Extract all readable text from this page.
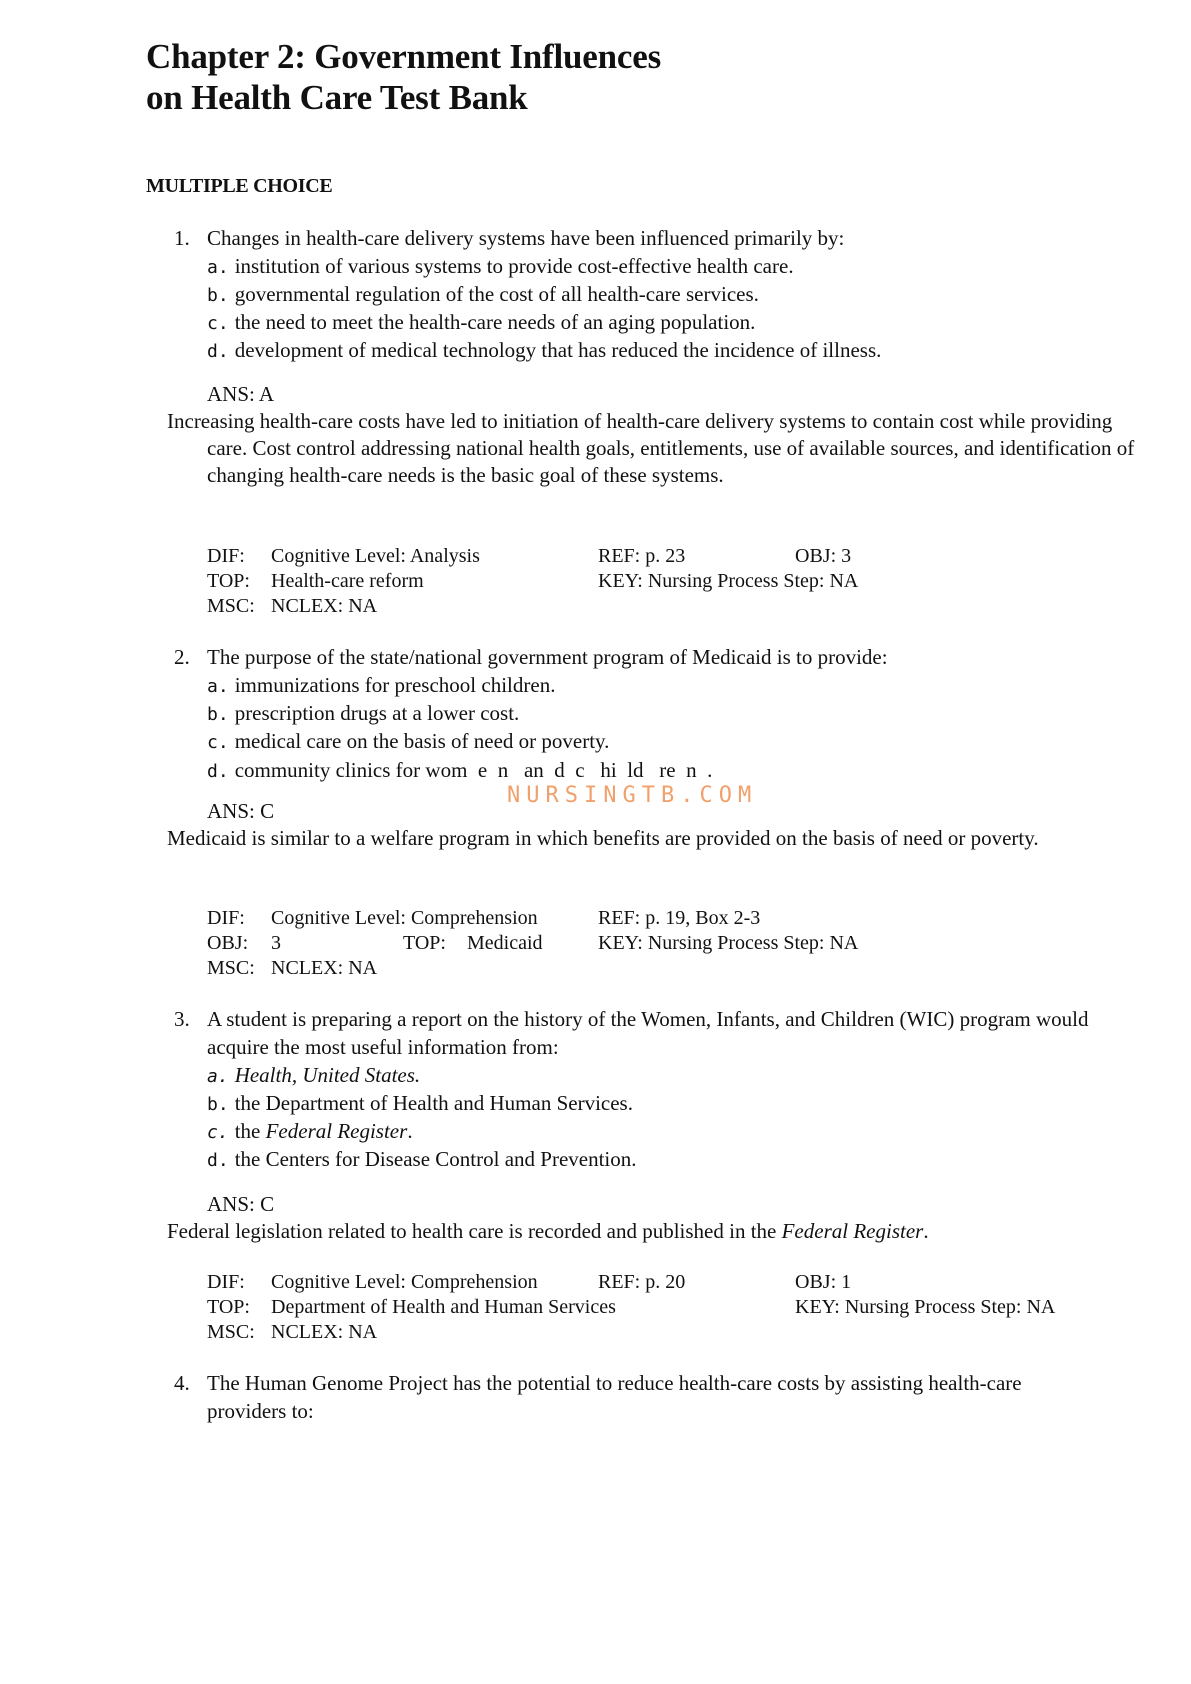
Chapter 2: Government Influences
on Health Care Test Bank
MULTIPLE CHOICE
1. Changes in health-care delivery systems have been influenced primarily by:
a. institution of various systems to provide cost-effective health care.
b. governmental regulation of the cost of all health-care services.
c. the need to meet the health-care needs of an aging population.
d. development of medical technology that has reduced the incidence of illness.
ANS: A
Increasing health-care costs have led to initiation of health-care delivery systems to contain cost while providing care. Cost control addressing national health goals, entitlements, use of available sources, and identification of changing health-care needs is the basic goal of these systems.
DIF: Cognitive Level: Analysis	REF: p. 23	OBJ: 3
TOP: Health-care reform	KEY: Nursing Process Step: NA
MSC: NCLEX: NA
2. The purpose of the state/national government program of Medicaid is to provide:
a. immunizations for preschool children.
b. prescription drugs at a lower cost.
c. medical care on the basis of need or poverty.
d. community clinics for wom  e  n   an  d  c   hi  ld   re  n  .
NURSINGTB.COM
ANS: C
Medicaid is similar to a welfare program in which benefits are provided on the basis of need or poverty.
DIF: Cognitive Level: Comprehension	REF: p. 19, Box 2-3
OBJ: 3	TOP: Medicaid	KEY: Nursing Process Step: NA
MSC: NCLEX: NA
3. A student is preparing a report on the history of the Women, Infants, and Children (WIC) program would acquire the most useful information from:
a. Health, United States.
b. the Department of Health and Human Services.
c. the Federal Register.
d. the Centers for Disease Control and Prevention.
ANS: C
Federal legislation related to health care is recorded and published in the Federal Register.
DIF: Cognitive Level: Comprehension	REF: p. 20	OBJ: 1
TOP: Department of Health and Human Services	KEY: Nursing Process Step: NA
MSC: NCLEX: NA
4. The Human Genome Project has the potential to reduce health-care costs by assisting health-care providers to:
